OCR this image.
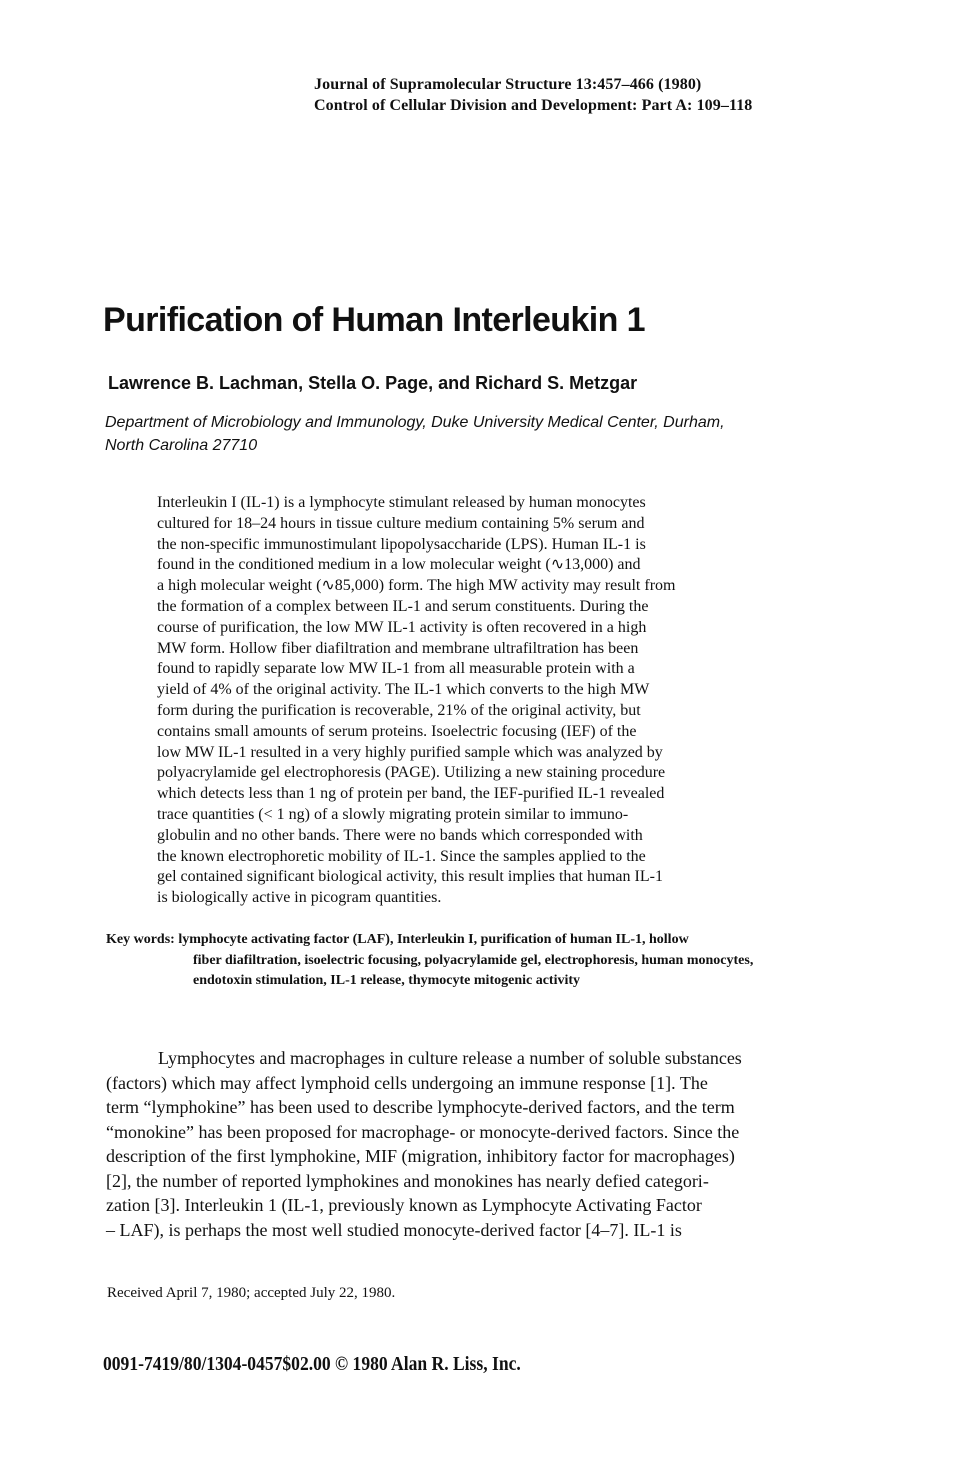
Journal of Supramolecular Structure 13:457–466 (1980)
Control of Cellular Division and Development: Part A: 109–118
Purification of Human Interleukin 1
Lawrence B. Lachman, Stella O. Page, and Richard S. Metzgar
Department of Microbiology and Immunology, Duke University Medical Center, Durham,
North Carolina 27710
Interleukin I (IL-1) is a lymphocyte stimulant released by human monocytes
cultured for 18–24 hours in tissue culture medium containing 5% serum and
the non-specific immunostimulant lipopolysaccharide (LPS). Human IL-1 is
found in the conditioned medium in a low molecular weight (∿13,000) and
a high molecular weight (∿85,000) form. The high MW activity may result from
the formation of a complex between IL-1 and serum constituents. During the
course of purification, the low MW IL-1 activity is often recovered in a high
MW form. Hollow fiber diafiltration and membrane ultrafiltration has been
found to rapidly separate low MW IL-1 from all measurable protein with a
yield of 4% of the original activity. The IL-1 which converts to the high MW
form during the purification is recoverable, 21% of the original activity, but
contains small amounts of serum proteins. Isoelectric focusing (IEF) of the
low MW IL-1 resulted in a very highly purified sample which was analyzed by
polyacrylamide gel electrophoresis (PAGE). Utilizing a new staining procedure
which detects less than 1 ng of protein per band, the IEF-purified IL-1 revealed
trace quantities (< 1 ng) of a slowly migrating protein similar to immuno-
globulin and no other bands. There were no bands which corresponded with
the known electrophoretic mobility of IL-1. Since the samples applied to the
gel contained significant biological activity, this result implies that human IL-1
is biologically active in picogram quantities.
Key words: lymphocyte activating factor (LAF), Interleukin I, purification of human IL-1, hollow
fiber diafiltration, isoelectric focusing, polyacrylamide gel, electrophoresis, human monocytes,
endotoxin stimulation, IL-1 release, thymocyte mitogenic activity
Lymphocytes and macrophages in culture release a number of soluble substances
(factors) which may affect lymphoid cells undergoing an immune response [1]. The
term “lymphokine” has been used to describe lymphocyte-derived factors, and the term
“monokine” has been proposed for macrophage- or monocyte-derived factors. Since the
description of the first lymphokine, MIF (migration, inhibitory factor for macrophages)
[2], the number of reported lymphokines and monokines has nearly defied categori-
zation [3]. Interleukin 1 (IL-1, previously known as Lymphocyte Activating Factor
– LAF), is perhaps the most well studied monocyte-derived factor [4–7]. IL-1 is
Received April 7, 1980; accepted July 22, 1980.
0091-7419/80/1304-0457$02.00 © 1980 Alan R. Liss, Inc.
